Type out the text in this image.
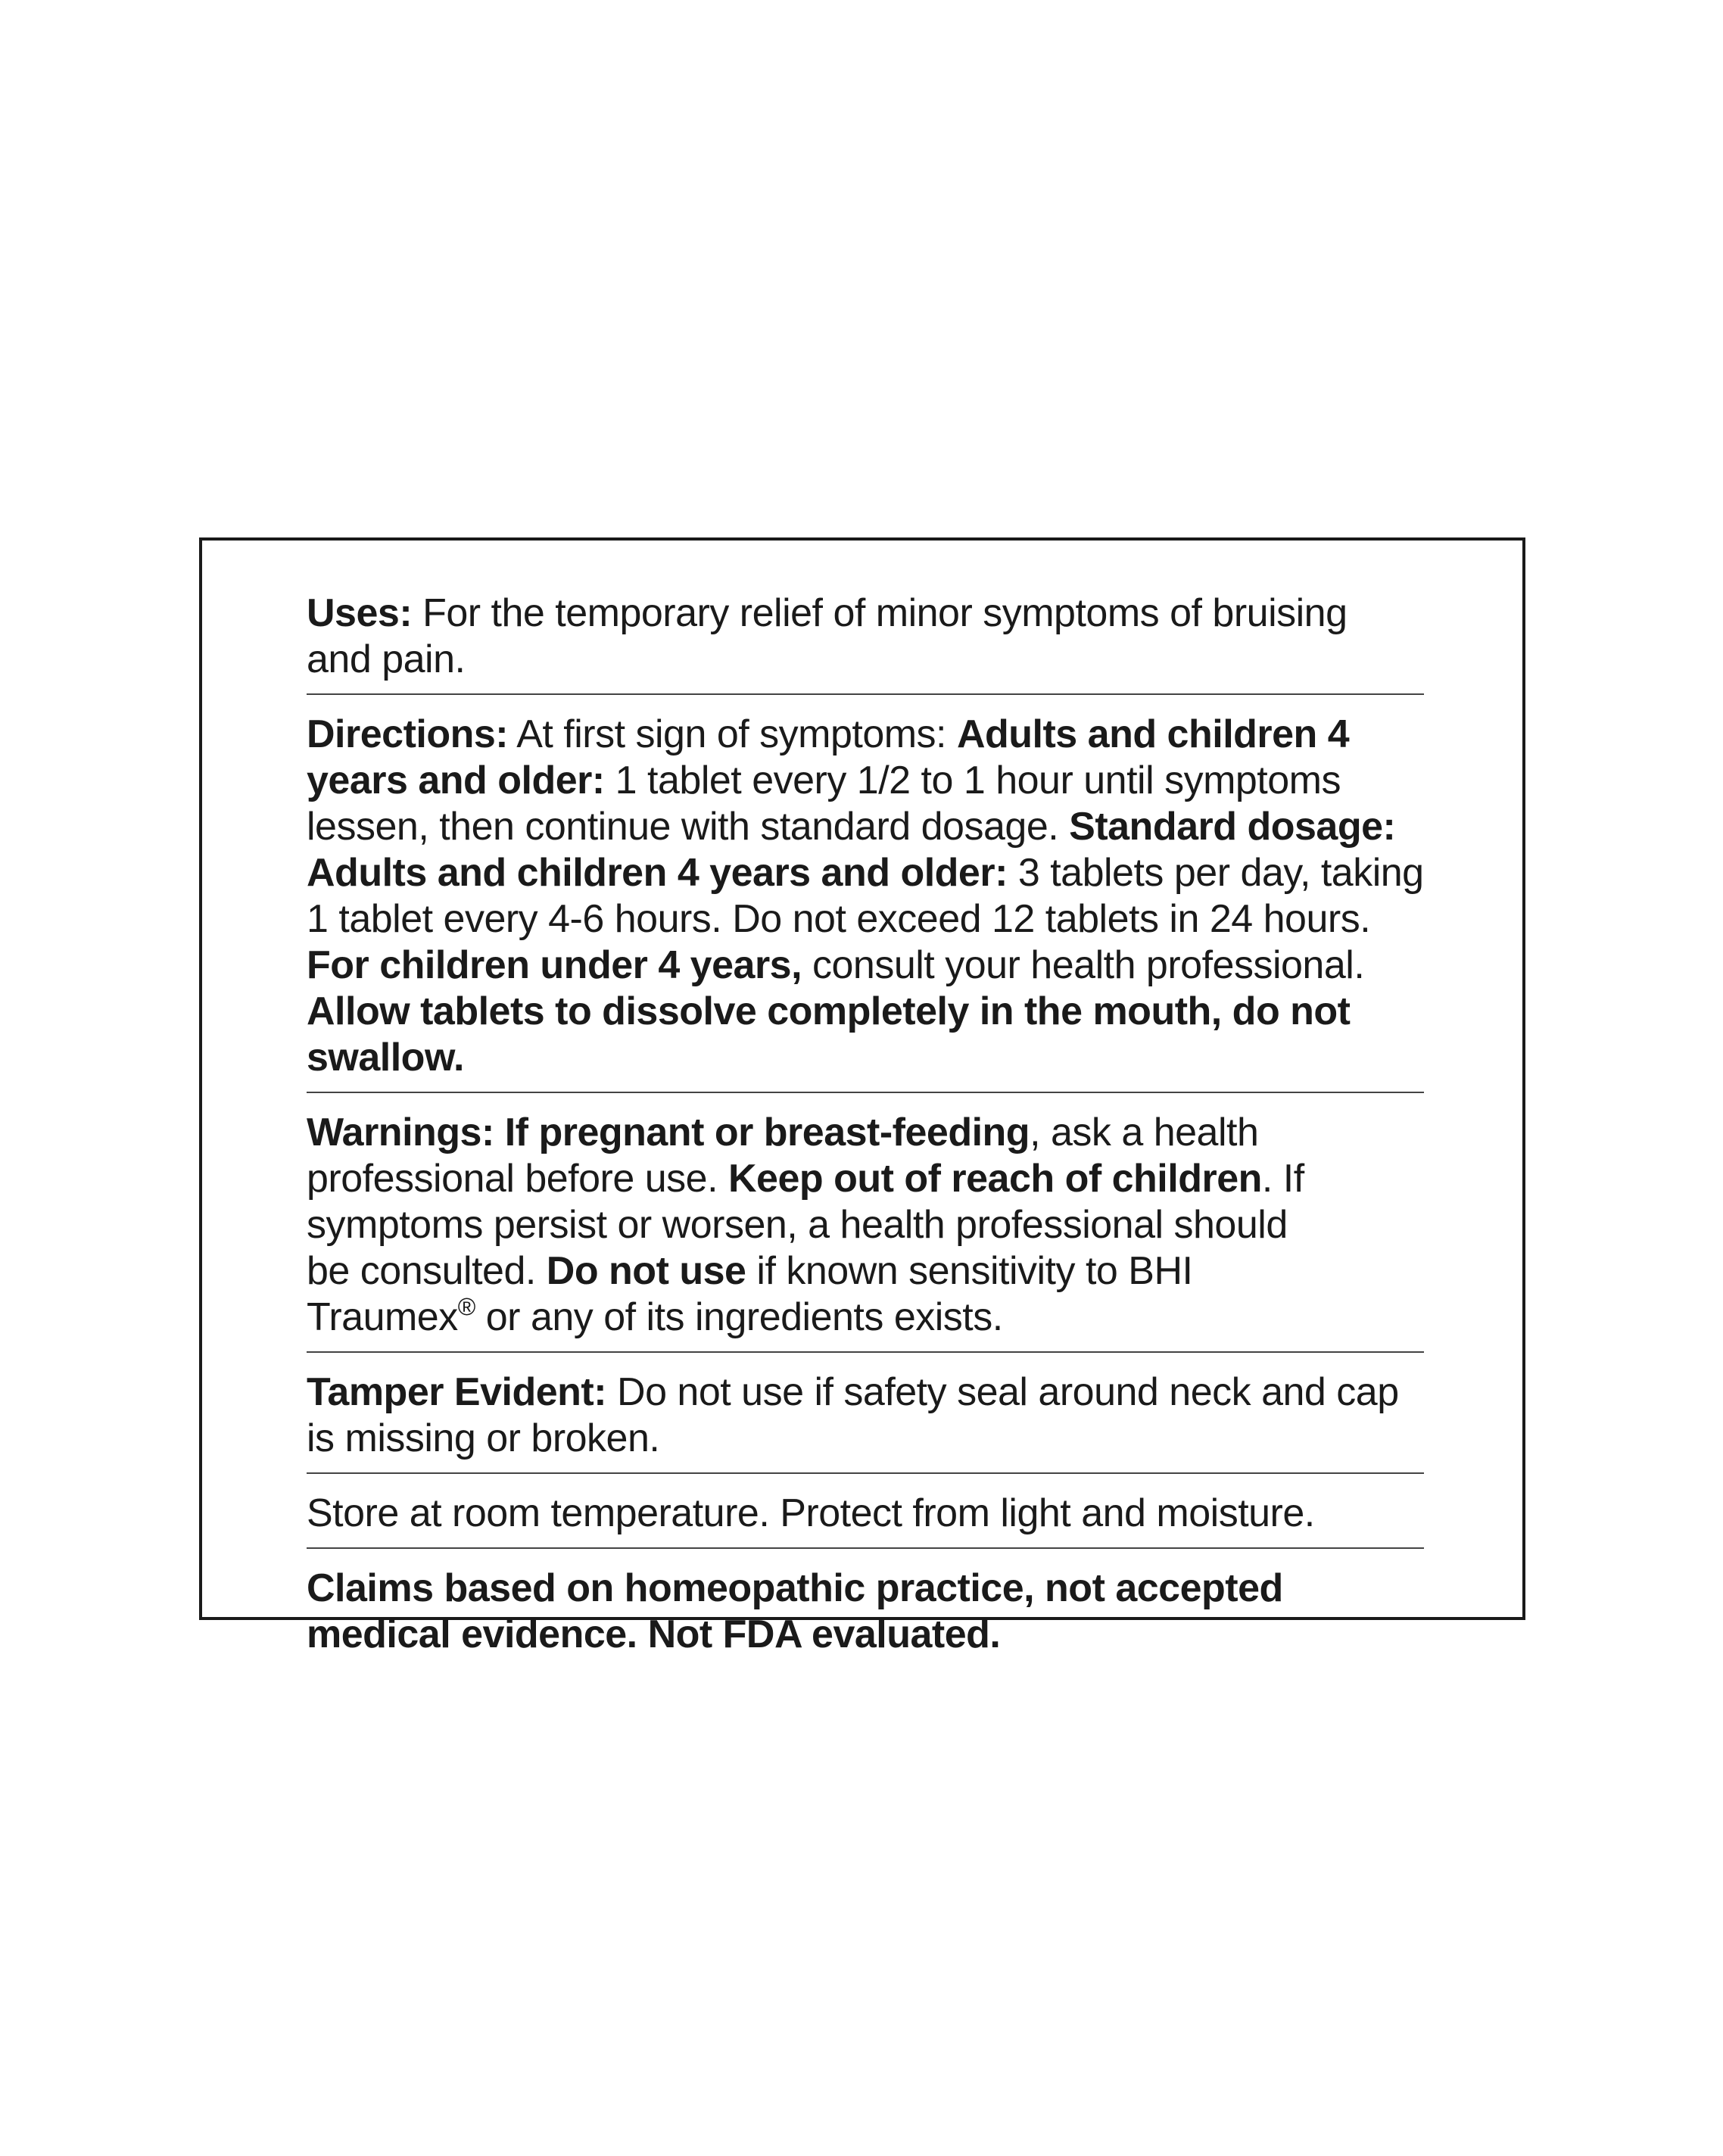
Uses: For the temporary relief of minor symptoms of bruising and pain.
Directions: At first sign of symptoms: Adults and children 4 years and older: 1 tablet every 1/2 to 1 hour until symptoms lessen, then continue with standard dosage. Standard dosage: Adults and children 4 years and older: 3 tablets per day, taking 1 tablet every 4-6 hours. Do not exceed 12 tablets in 24 hours. For children under 4 years, consult your health professional. Allow tablets to dissolve completely in the mouth, do not swallow.
Warnings: If pregnant or breast-feeding, ask a health professional before use. Keep out of reach of children. If symptoms persist or worsen, a health professional should be consulted. Do not use if known sensitivity to BHI Traumex® or any of its ingredients exists.
Tamper Evident: Do not use if safety seal around neck and cap is missing or broken.
Store at room temperature. Protect from light and moisture.
Claims based on homeopathic practice, not accepted medical evidence. Not FDA evaluated.
